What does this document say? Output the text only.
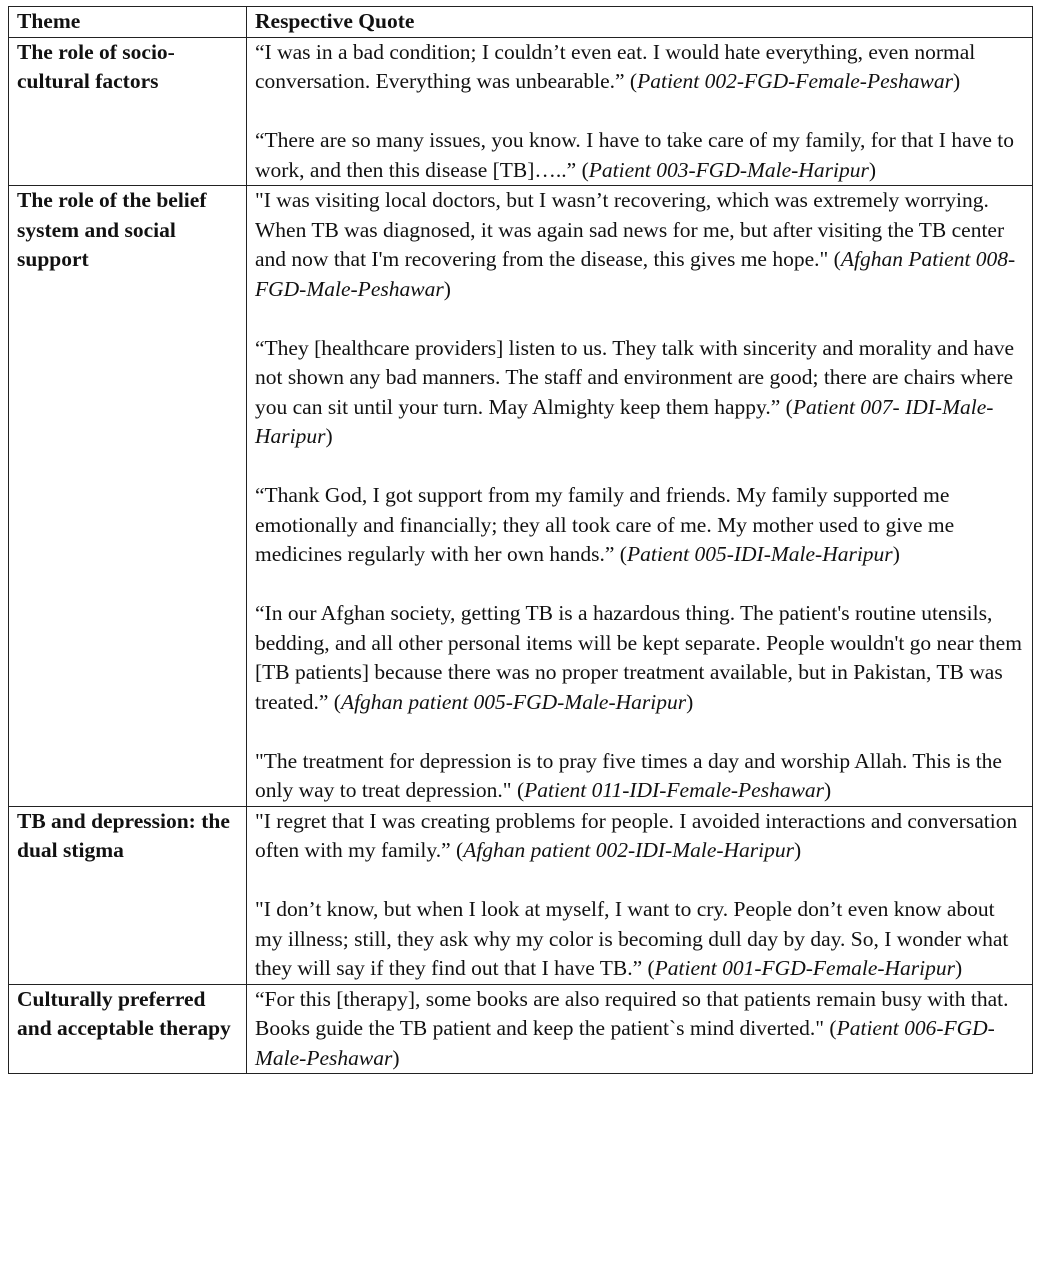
Theme	Respective Quote
The role of socio-cultural factors	“I was in a bad condition; I couldn’t even eat. I would hate everything, even normal conversation. Everything was unbearable.” (Patient 002-FGD-Female-Peshawar)

“There are so many issues, you know. I have to take care of my family, for that I have to work, and then this disease [TB]…..” (Patient 003-FGD-Male-Haripur)

The role of the belief system and social support	"I was visiting local doctors, but I wasn’t recovering, which was extremely worrying. When TB was diagnosed, it was again sad news for me, but after visiting the TB center and now that I'm recovering from the disease, this gives me hope." (Afghan Patient 008-FGD-Male-Peshawar)

“They [healthcare providers] listen to us. They talk with sincerity and morality and have not shown any bad manners. The staff and environment are good; there are chairs where you can sit until your turn. May Almighty keep them happy.” (Patient 007- IDI-Male-Haripur)

“Thank God, I got support from my family and friends. My family supported me emotionally and financially; they all took care of me. My mother used to give me medicines regularly with her own hands.” (Patient 005-IDI-Male-Haripur)

“In our Afghan society, getting TB is a hazardous thing. The patient's routine utensils, bedding, and all other personal items will be kept separate. People wouldn't go near them [TB patients] because there was no proper treatment available, but in Pakistan, TB was treated.” (Afghan patient 005-FGD-Male-Haripur)

"The treatment for depression is to pray five times a day and worship Allah. This is the only way to treat depression." (Patient 011-IDI-Female-Peshawar)

TB and depression: the dual stigma	"I regret that I was creating problems for people. I avoided interactions and conversation often with my family.” (Afghan patient 002-IDI-Male-Haripur)

"I don’t know, but when I look at myself, I want to cry. People don’t even know about my illness; still, they ask why my color is becoming dull day by day. So, I wonder what they will say if they find out that I have TB.” (Patient 001-FGD-Female-Haripur)

Culturally preferred and acceptable therapy	“For this [therapy], some books are also required so that patients remain busy with that. Books guide the TB patient and keep the patient`s mind diverted." (Patient 006-FGD-Male-Peshawar)
